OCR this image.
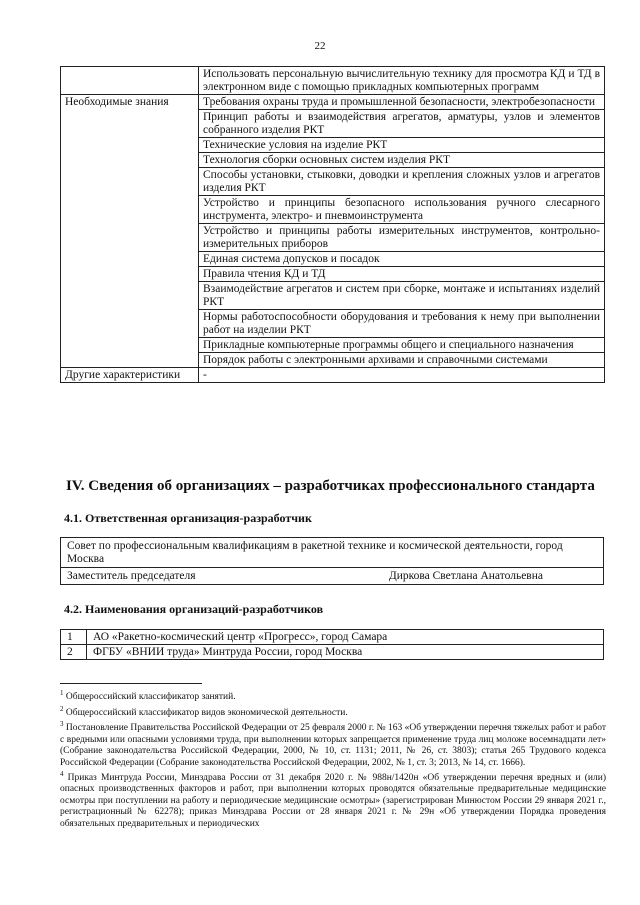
22
	Использовать персональную вычислительную технику для просмотра КД и ТД в электронном виде с помощью прикладных компьютерных программ
Необходимые знания	Требования охраны труда и промышленной безопасности, электробезопасности
	Принцип работы и взаимодействия агрегатов, арматуры, узлов и элементов собранного изделия РКТ
	Технические условия на изделие РКТ
	Технология сборки основных систем изделия РКТ
	Способы установки, стыковки, доводки и крепления сложных узлов и агрегатов изделия РКТ
	Устройство и принципы безопасного использования ручного слесарного инструмента, электро- и пневмоинструмента
	Устройство и принципы работы измерительных инструментов, контрольно-измерительных приборов
	Единая система допусков и посадок
	Правила чтения КД и ТД
	Взаимодействие агрегатов и систем при сборке, монтаже и испытаниях изделий РКТ
	Нормы работоспособности оборудования и требования к нему при выполнении работ на изделии РКТ
	Прикладные компьютерные программы общего и специального назначения
	Порядок работы с электронными архивами и справочными системами
Другие характеристики	-
IV. Сведения об организациях – разработчиках профессионального стандарта
4.1. Ответственная организация-разработчик
Совет по профессиональным квалификациям в ракетной технике и космической деятельности, город Москва

Заместитель председателя	Диркова Светлана Анатольевна
4.2. Наименования организаций-разработчиков
1	АО «Ракетно-космический центр «Прогресс», город Самара
2	ФГБУ «ВНИИ труда» Минтруда России, город Москва

$^1$ Общероссийский классификатор занятий.

$^2$ Общероссийский классификатор видов экономической деятельности.

$^3$ Постановление Правительства Российской Федерации от 25 февраля 2000 г. № 163 «Об утверждении перечня тяжелых работ и работ с вредными или опасными условиями труда, при выполнении которых запрещается применение труда лиц моложе восемнадцати лет» (Собрание законодательства Российской Федерации, 2000, № 10, ст. 1131; 2011, № 26, ст. 3803); статья 265 Трудового кодекса Российской Федерации (Собрание законодательства Российской Федерации, 2002, № 1, ст. 3; 2013, № 14, ст. 1666).

$^4$ Приказ Минтруда России, Минздрава России от 31 декабря 2020 г. № 988н/1420н «Об утверждении перечня вредных и (или) опасных производственных факторов и работ, при выполнении которых проводятся обязательные предварительные медицинские осмотры при поступлении на работу и периодические медицинские осмотры» (зарегистрирован Минюстом России 29 января 2021 г., регистрационный № 62278); приказ Минздрава России от 28 января 2021 г. № 29н «Об утверждении Порядка проведения обязательных предварительных и периодических
